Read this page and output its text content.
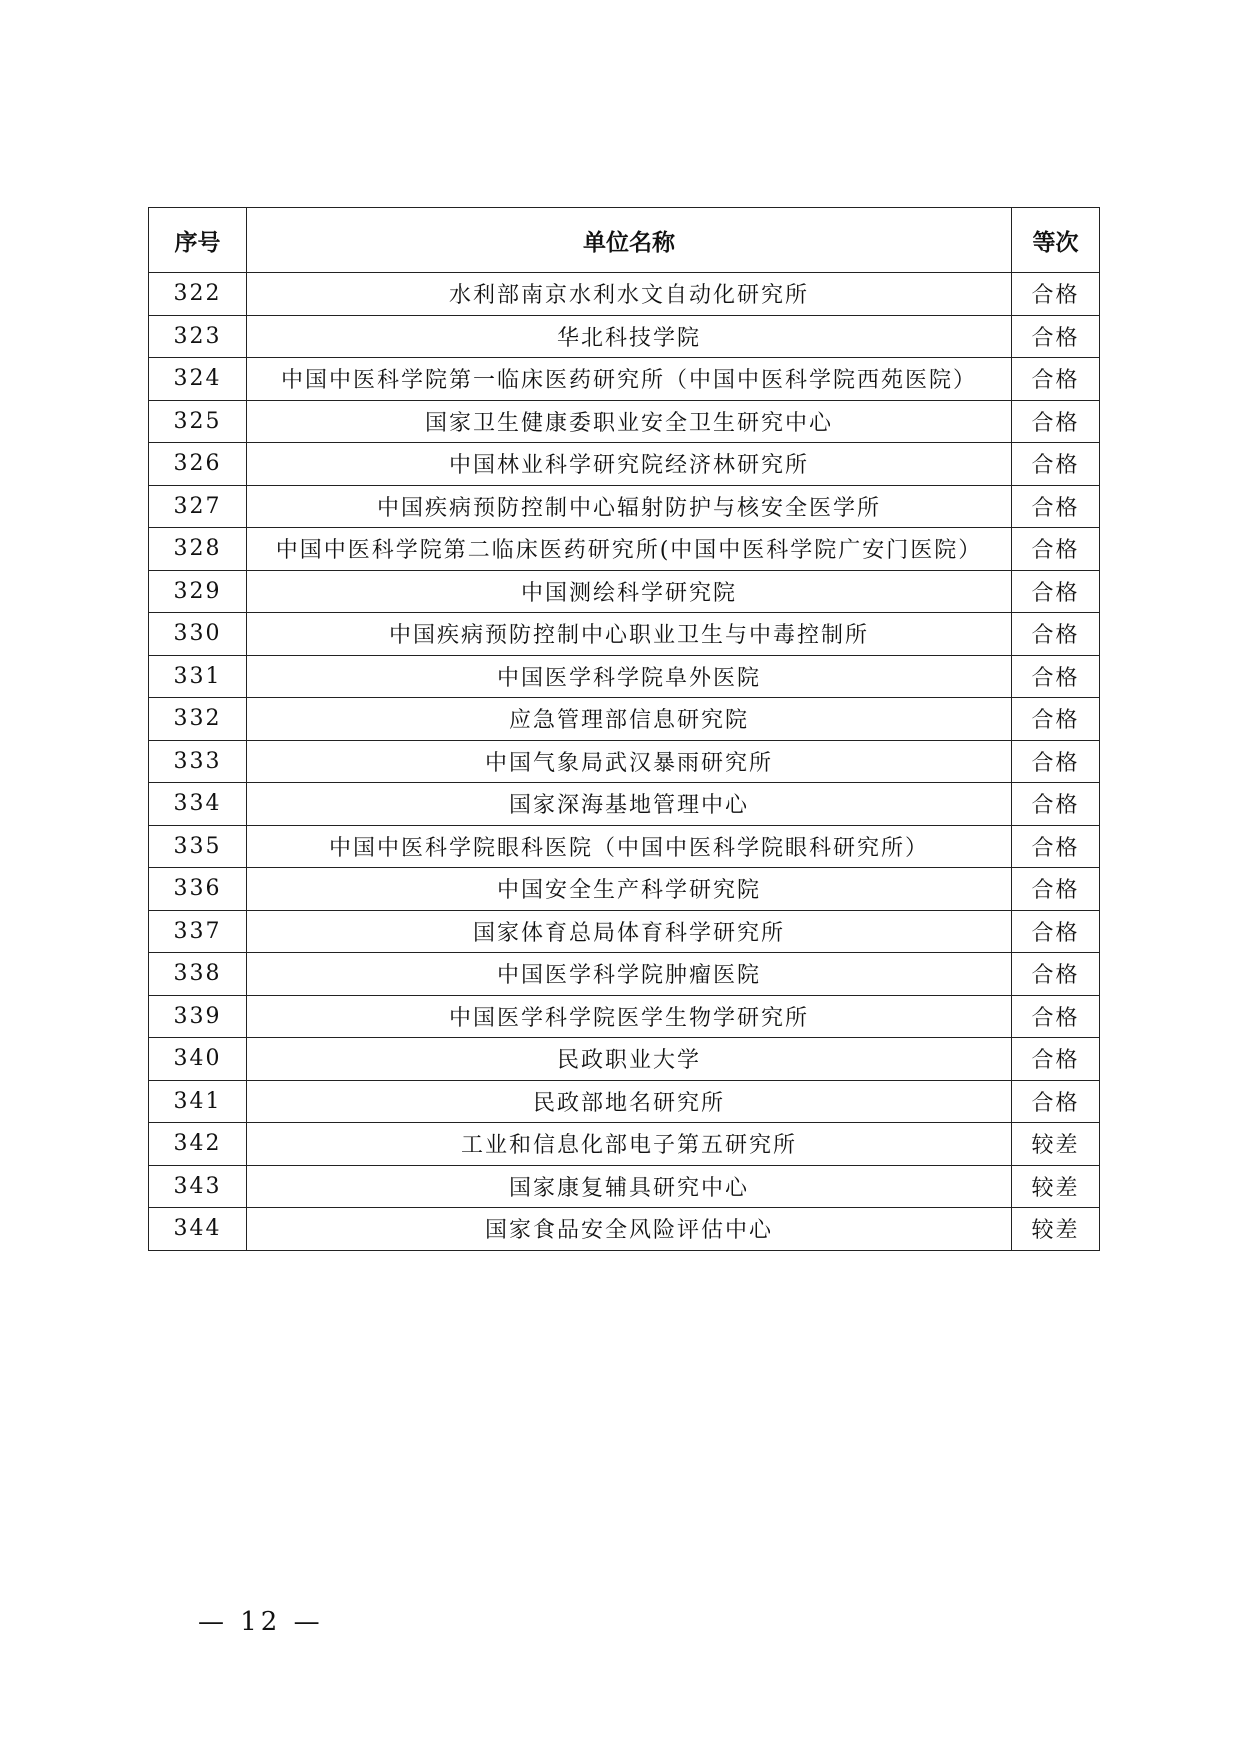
序号	单位名称	等次
322	水利部南京水利水文自动化研究所	合格
323	华北科技学院	合格
324	中国中医科学院第一临床医药研究所（中国中医科学院西苑医院）	合格
325	国家卫生健康委职业安全卫生研究中心	合格
326	中国林业科学研究院经济林研究所	合格
327	中国疾病预防控制中心辐射防护与核安全医学所	合格
328	中国中医科学院第二临床医药研究所(中国中医科学院广安门医院）	合格
329	中国测绘科学研究院	合格
330	中国疾病预防控制中心职业卫生与中毒控制所	合格
331	中国医学科学院阜外医院	合格
332	应急管理部信息研究院	合格
333	中国气象局武汉暴雨研究所	合格
334	国家深海基地管理中心	合格
335	中国中医科学院眼科医院（中国中医科学院眼科研究所）	合格
336	中国安全生产科学研究院	合格
337	国家体育总局体育科学研究所	合格
338	中国医学科学院肿瘤医院	合格
339	中国医学科学院医学生物学研究所	合格
340	民政职业大学	合格
341	民政部地名研究所	合格
342	工业和信息化部电子第五研究所	较差
343	国家康复辅具研究中心	较差
344	国家食品安全风险评估中心	较差
— 12 —
